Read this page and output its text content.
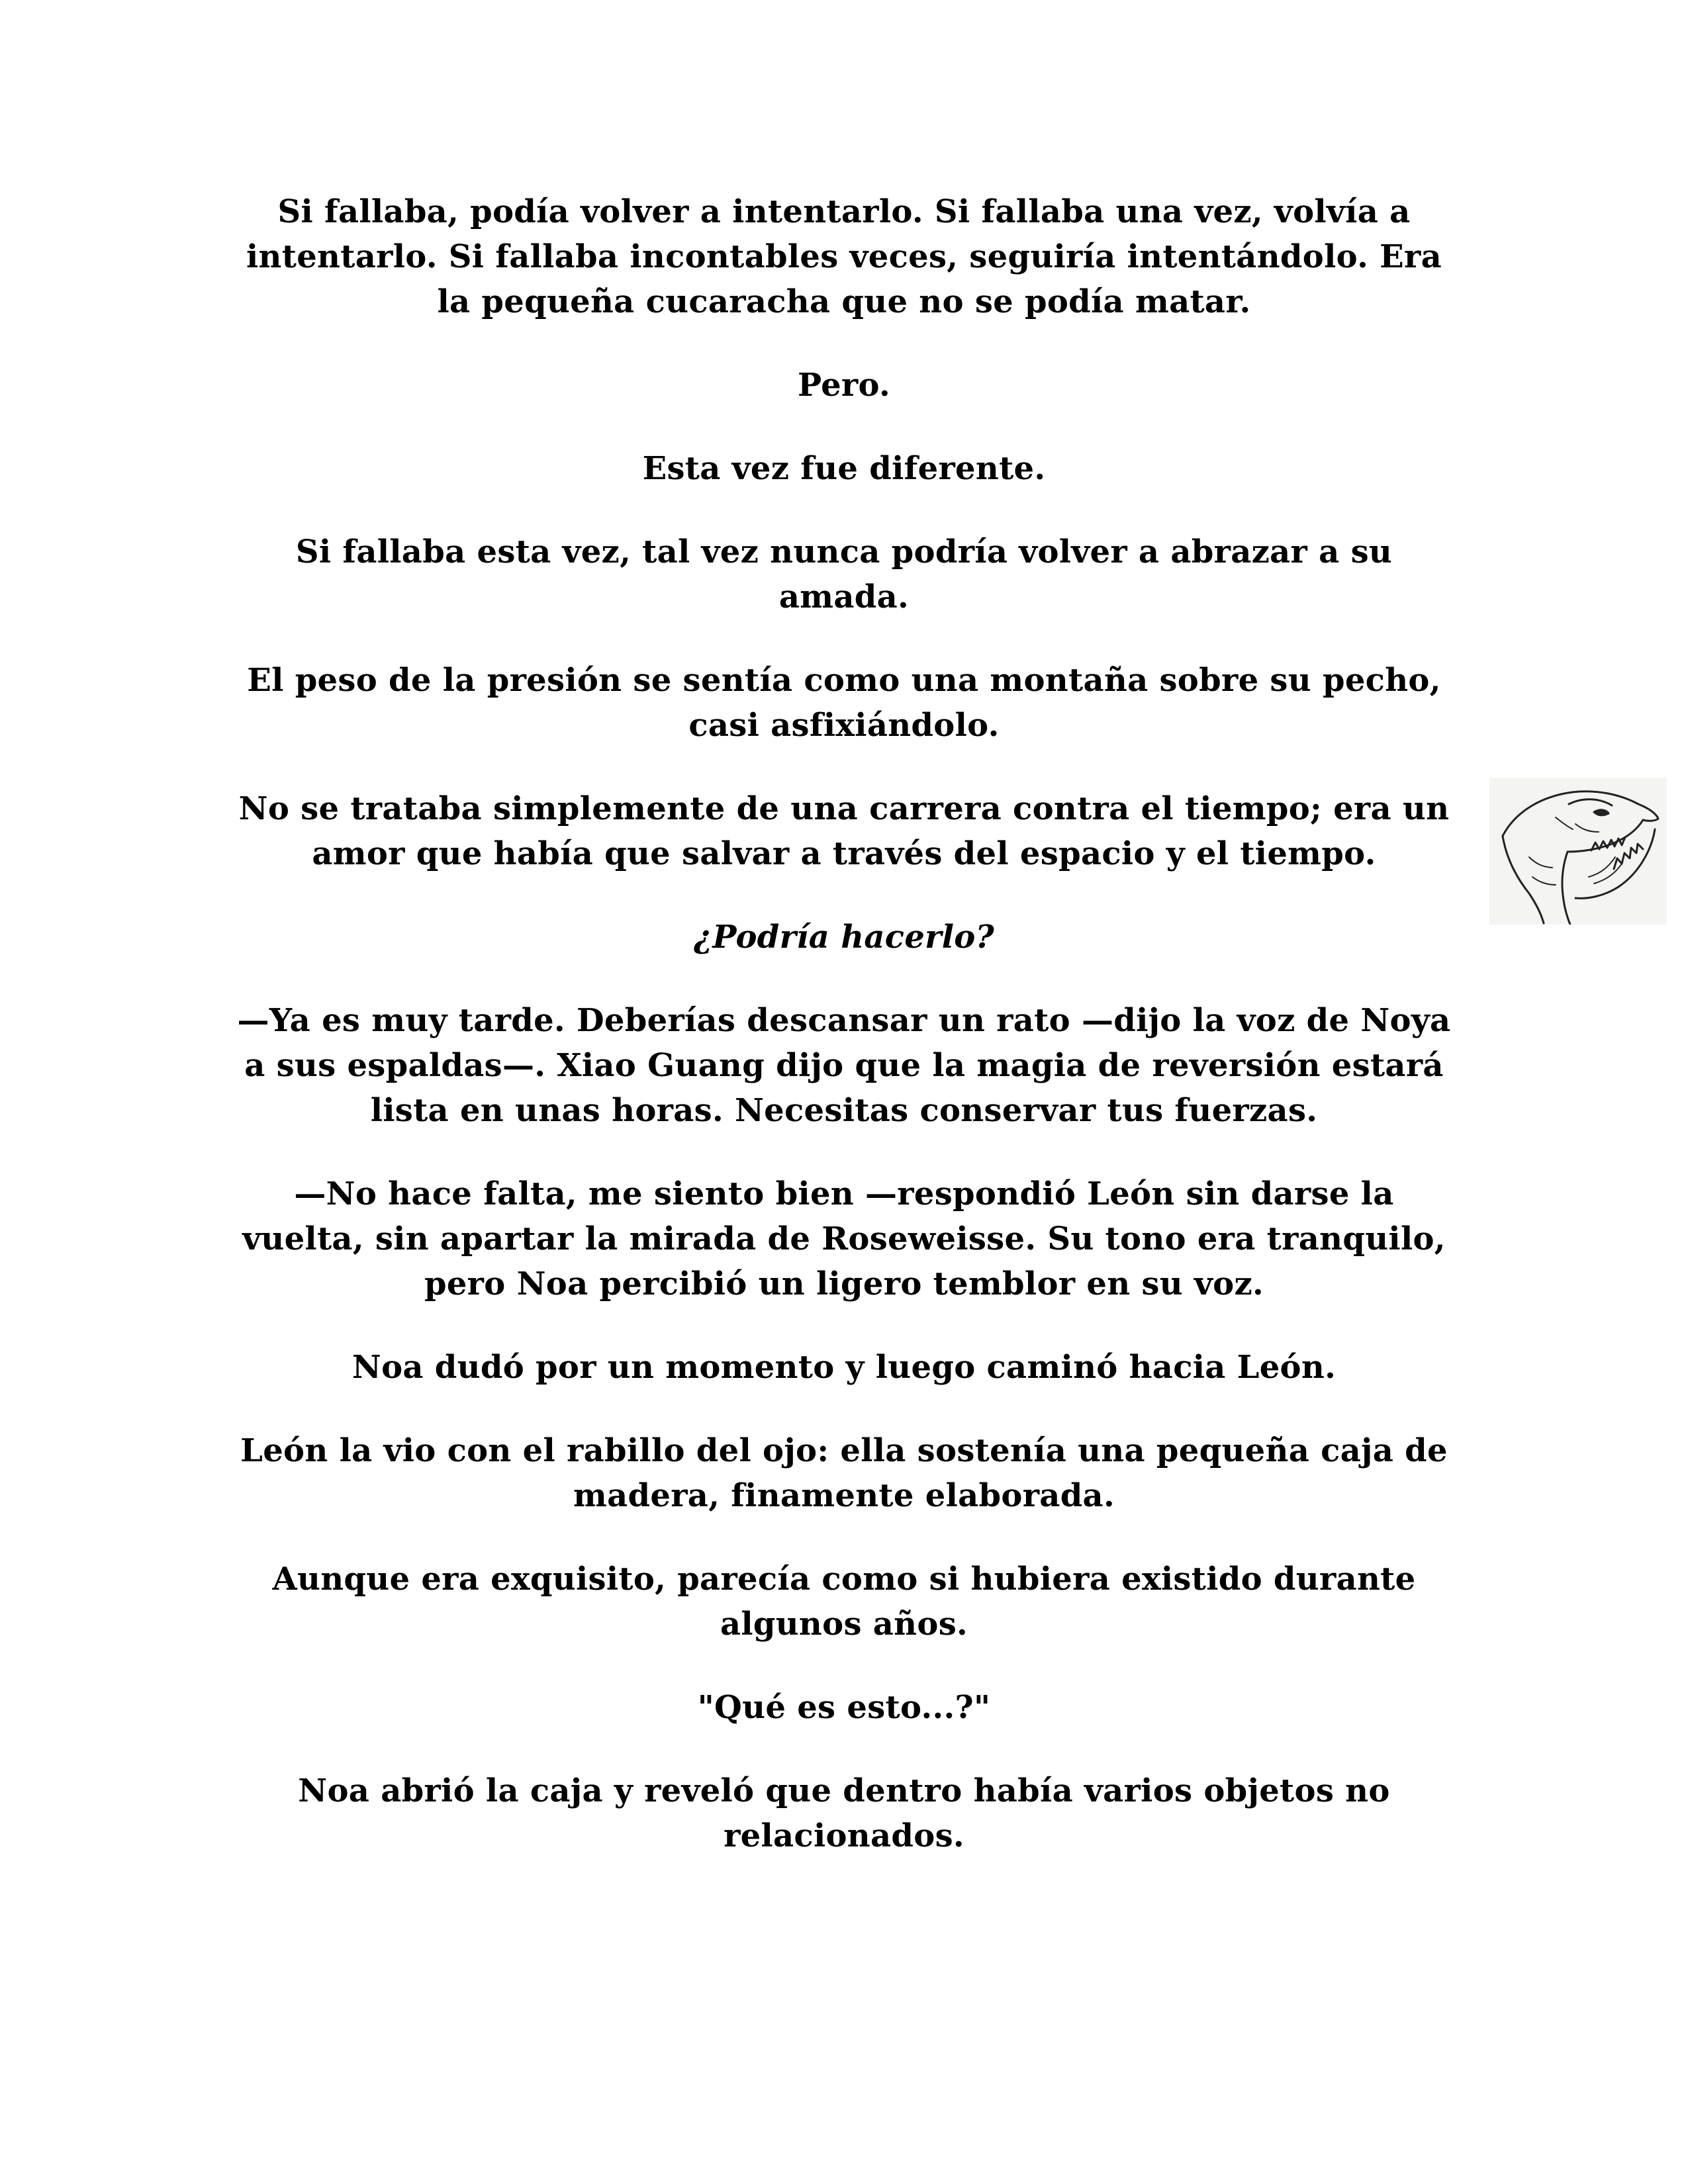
Si fallaba, podía volver a intentarlo. Si fallaba una vez, volvía a intentarlo. Si fallaba incontables veces, seguiría intentándolo. Era la pequeña cucaracha que no se podía matar.

Pero.

Esta vez fue diferente.

Si fallaba esta vez, tal vez nunca podría volver a abrazar a su amada.

El peso de la presión se sentía como una montaña sobre su pecho, casi asfixiándolo.

No se trataba simplemente de una carrera contra el tiempo; era un amor que había que salvar a través del espacio y el tiempo.

¿Podría hacerlo?

—Ya es muy tarde. Deberías descansar un rato —dijo la voz de Noya a sus espaldas—. Xiao Guang dijo que la magia de reversión estará lista en unas horas. Necesitas conservar tus fuerzas.

—No hace falta, me siento bien —respondió León sin darse la vuelta, sin apartar la mirada de Roseweisse. Su tono era tranquilo, pero Noa percibió un ligero temblor en su voz.

Noa dudó por un momento y luego caminó hacia León.

León la vio con el rabillo del ojo: ella sostenía una pequeña caja de madera, finamente elaborada.

Aunque era exquisito, parecía como si hubiera existido durante algunos años.

"Qué es esto...?"

Noa abrió la caja y reveló que dentro había varios objetos no relacionados.
